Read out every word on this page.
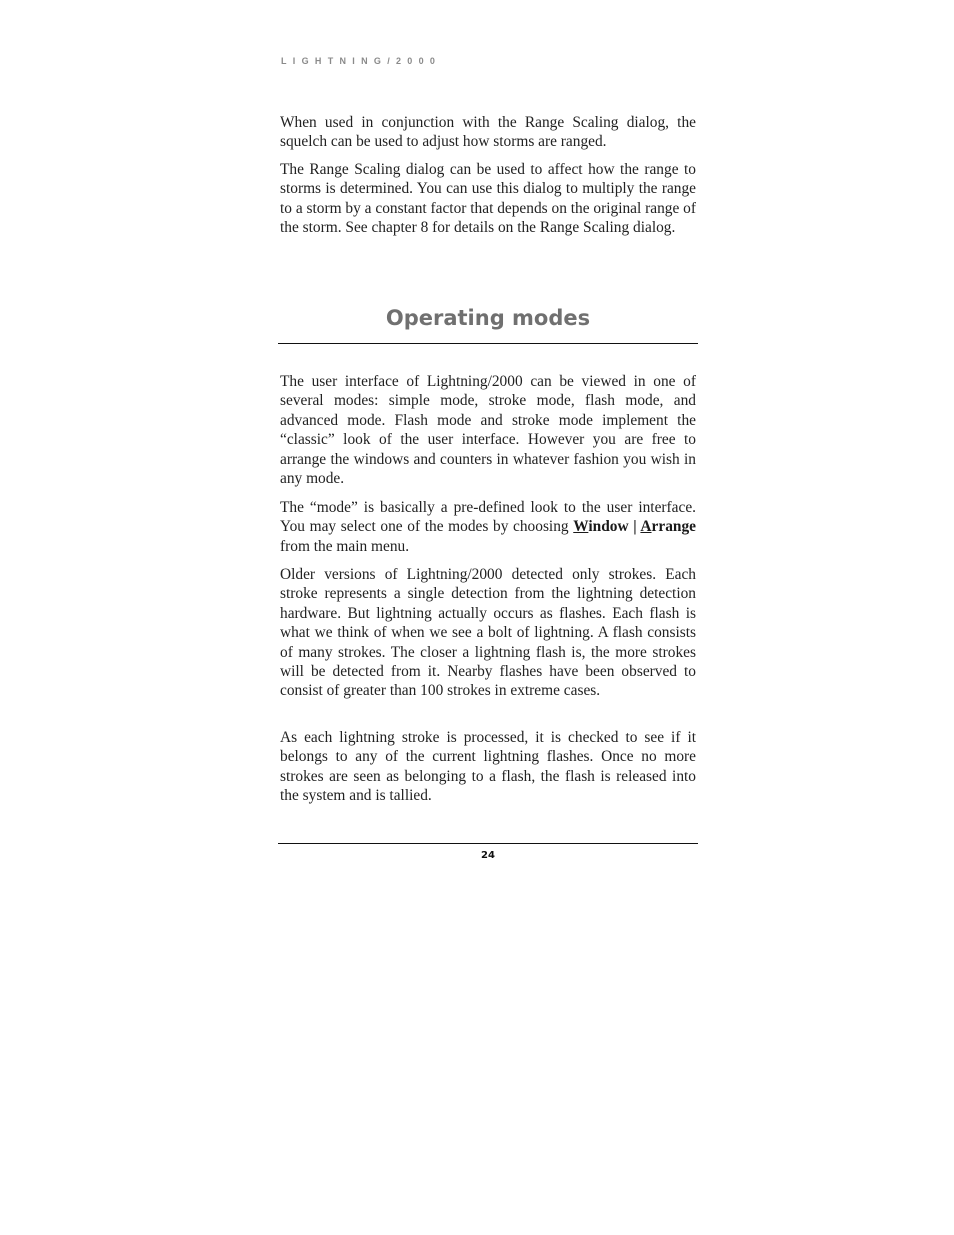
LIGHTNING/2000

When used in conjunction with the Range Scaling dialog, the squelch can be used to adjust how storms are ranged.

The Range Scaling dialog can be used to affect how the range to storms is determined. You can use this dialog to multiply the range to a storm by a constant factor that depends on the original range of the storm. See chapter 8 for details on the Range Scaling dialog.

Operating modes

The user interface of Lightning/2000 can be viewed in one of several modes: simple mode, stroke mode, flash mode, and advanced mode. Flash mode and stroke mode implement the “classic” look of the user interface. However you are free to arrange the windows and counters in whatever fashion you wish in any mode.

The “mode” is basically a pre-defined look to the user interface. You may select one of the modes by choosing Window | Arrange from the main menu.

Older versions of Lightning/2000 detected only strokes. Each stroke represents a single detection from the lightning detection hardware. But lightning actually occurs as flashes. Each flash is what we think of when we see a bolt of lightning. A flash consists of many strokes. The closer a lightning flash is, the more strokes will be detected from it. Nearby flashes have been observed to consist of greater than 100 strokes in extreme cases.

As each lightning stroke is processed, it is checked to see if it belongs to any of the current lightning flashes. Once no more strokes are seen as belonging to a flash, the flash is released into the system and is tallied.

24
